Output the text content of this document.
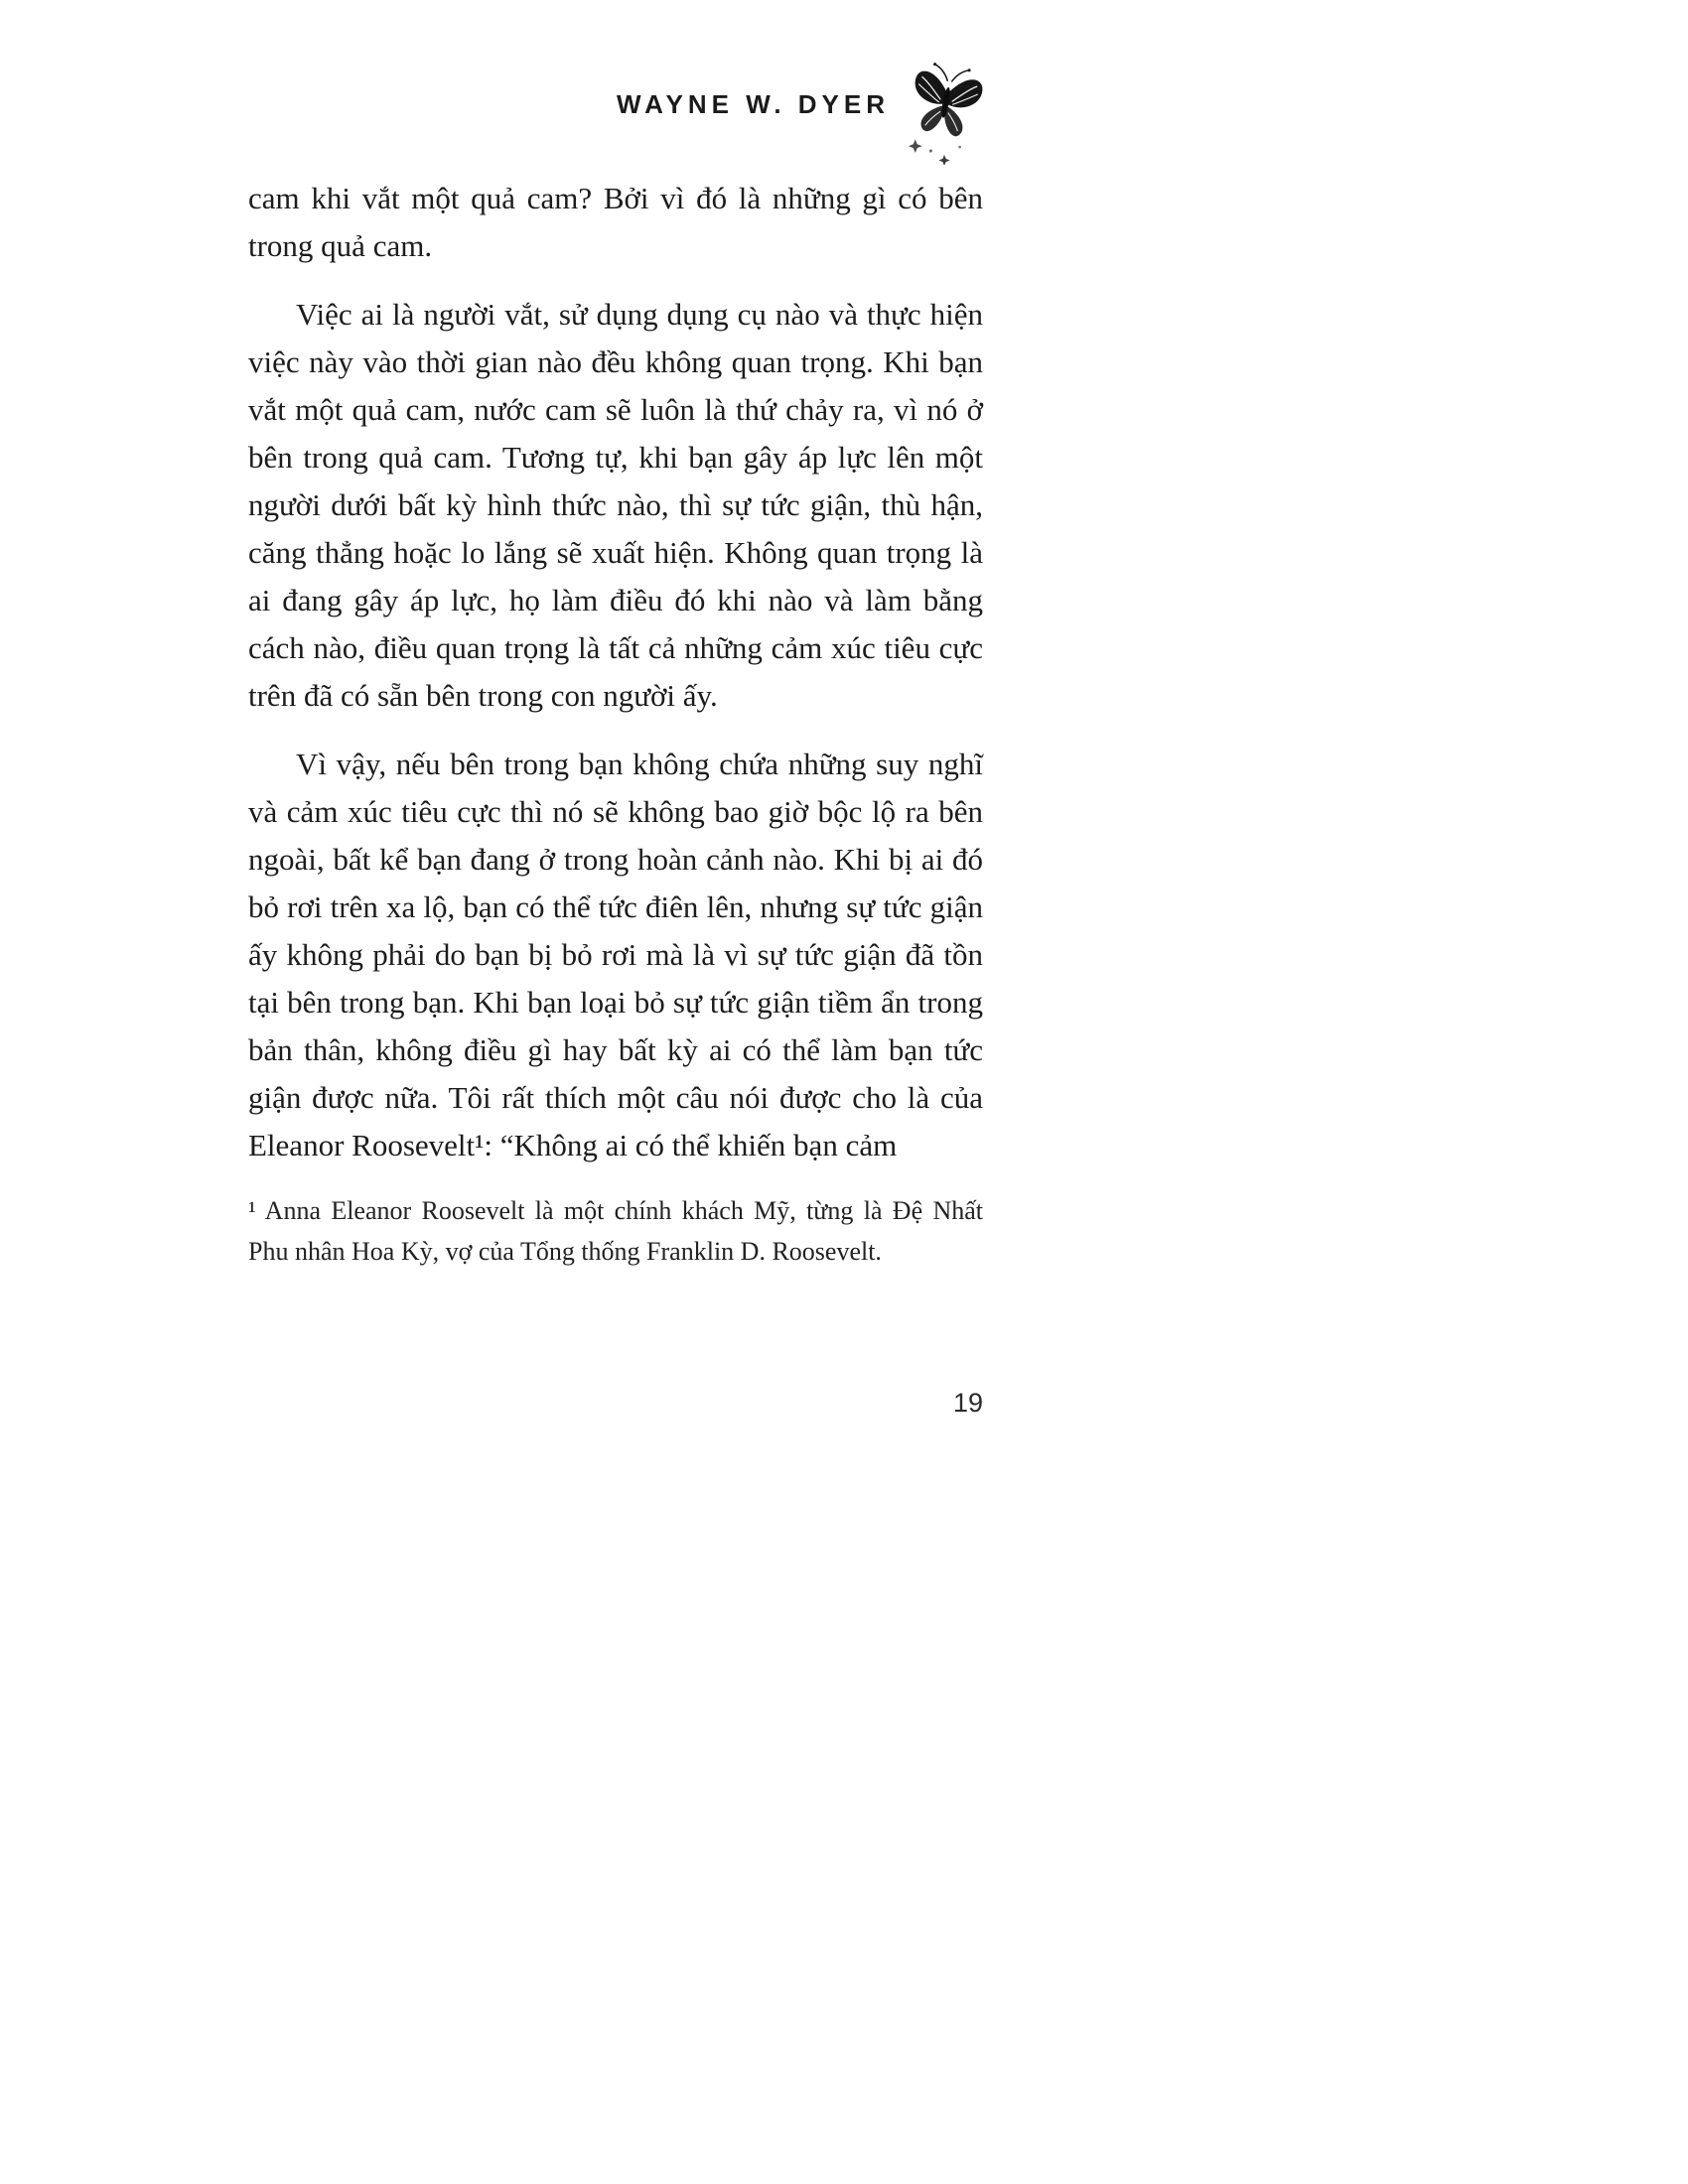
WAYNE W. DYER

cam khi vắt một quả cam? Bởi vì đó là những gì có bên trong quả cam.

Việc ai là người vắt, sử dụng dụng cụ nào và thực hiện việc này vào thời gian nào đều không quan trọng. Khi bạn vắt một quả cam, nước cam sẽ luôn là thứ chảy ra, vì nó ở bên trong quả cam. Tương tự, khi bạn gây áp lực lên một người dưới bất kỳ hình thức nào, thì sự tức giận, thù hận, căng thẳng hoặc lo lắng sẽ xuất hiện. Không quan trọng là ai đang gây áp lực, họ làm điều đó khi nào và làm bằng cách nào, điều quan trọng là tất cả những cảm xúc tiêu cực trên đã có sẵn bên trong con người ấy.

Vì vậy, nếu bên trong bạn không chứa những suy nghĩ và cảm xúc tiêu cực thì nó sẽ không bao giờ bộc lộ ra bên ngoài, bất kể bạn đang ở trong hoàn cảnh nào. Khi bị ai đó bỏ rơi trên xa lộ, bạn có thể tức điên lên, nhưng sự tức giận ấy không phải do bạn bị bỏ rơi mà là vì sự tức giận đã tồn tại bên trong bạn. Khi bạn loại bỏ sự tức giận tiềm ẩn trong bản thân, không điều gì hay bất kỳ ai có thể làm bạn tức giận được nữa. Tôi rất thích một câu nói được cho là của Eleanor Roosevelt¹: “Không ai có thể khiến bạn cảm

¹ Anna Eleanor Roosevelt là một chính khách Mỹ, từng là Đệ Nhất Phu nhân Hoa Kỳ, vợ của Tổng thống Franklin D. Roosevelt.
19
